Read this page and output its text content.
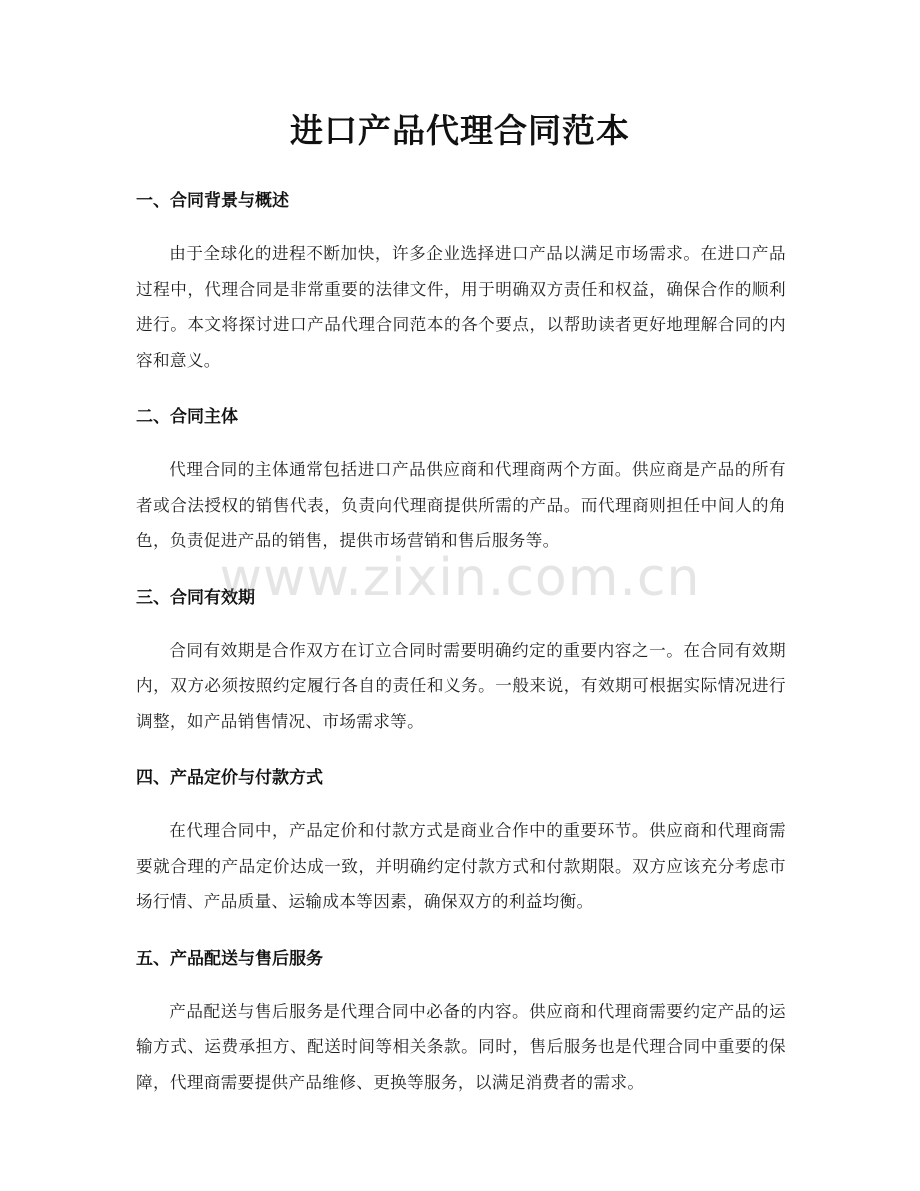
进口产品代理合同范本
一、合同背景与概述

由于全球化的进程不断加快，许多企业选择进口产品以满足市场需求。在进口产品过程中，代理合同是非常重要的法律文件，用于明确双方责任和权益，确保合作的顺利进行。本文将探讨进口产品代理合同范本的各个要点，以帮助读者更好地理解合同的内容和意义。

二、合同主体

代理合同的主体通常包括进口产品供应商和代理商两个方面。供应商是产品的所有者或合法授权的销售代表，负责向代理商提供所需的产品。而代理商则担任中间人的角色，负责促进产品的销售，提供市场营销和售后服务等。

三、合同有效期

合同有效期是合作双方在订立合同时需要明确约定的重要内容之一。在合同有效期内，双方必须按照约定履行各自的责任和义务。一般来说，有效期可根据实际情况进行调整，如产品销售情况、市场需求等。

四、产品定价与付款方式

在代理合同中，产品定价和付款方式是商业合作中的重要环节。供应商和代理商需要就合理的产品定价达成一致，并明确约定付款方式和付款期限。双方应该充分考虑市场行情、产品质量、运输成本等因素，确保双方的利益均衡。

五、产品配送与售后服务

产品配送与售后服务是代理合同中必备的内容。供应商和代理商需要约定产品的运输方式、运费承担方、配送时间等相关条款。同时，售后服务也是代理合同中重要的保障，代理商需要提供产品维修、更换等服务，以满足消费者的需求。

www.zixin.com.cn
